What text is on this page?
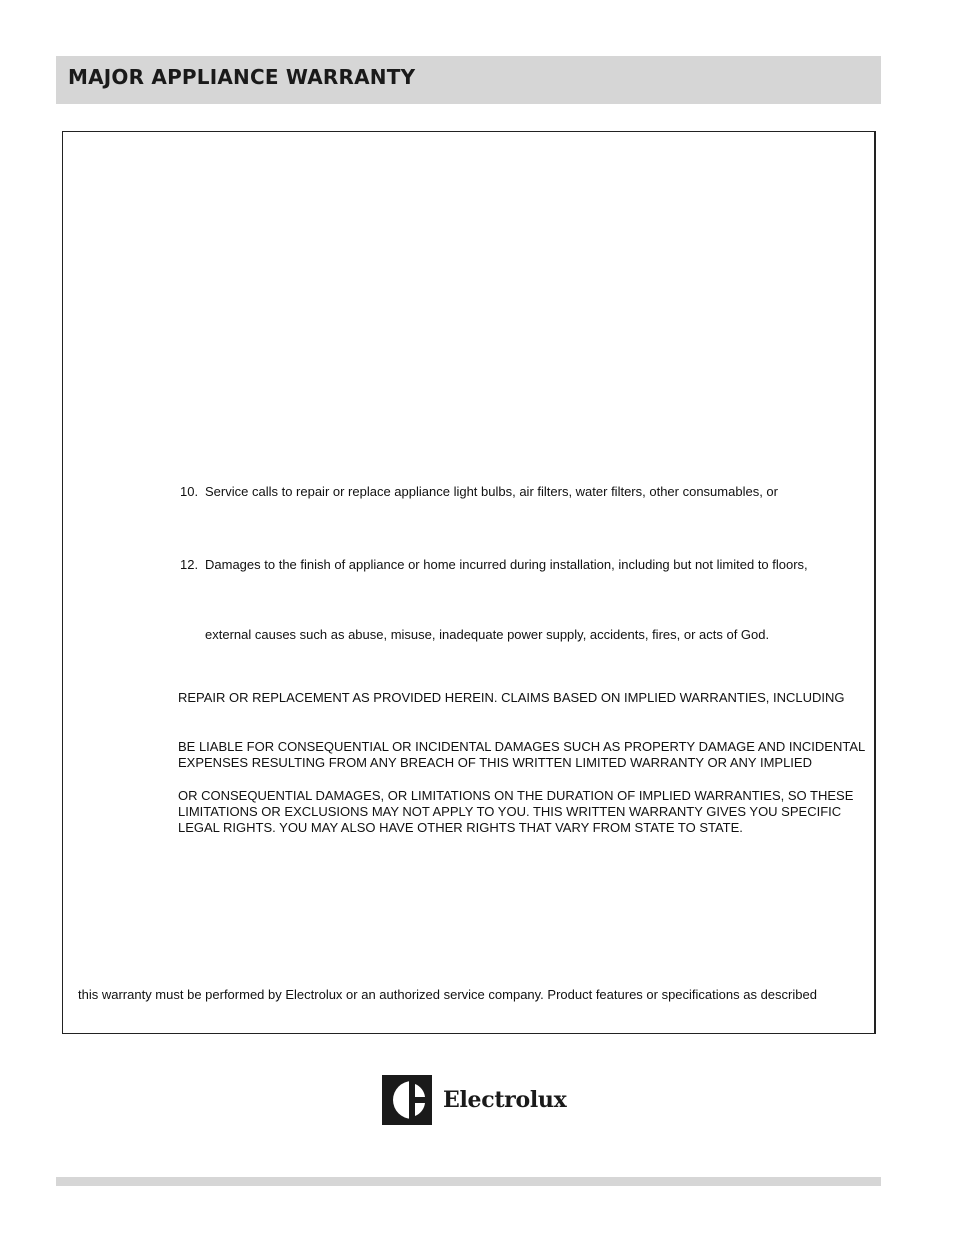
MAJOR APPLIANCE WARRANTY
10. Service calls to repair or replace appliance light bulbs, air filters, water filters, other consumables, or
12. Damages to the finish of appliance or home incurred during installation, including but not limited to floors,
external causes such as abuse, misuse, inadequate power supply, accidents, fires, or acts of God.
REPAIR OR REPLACEMENT AS PROVIDED HEREIN. CLAIMS BASED ON IMPLIED WARRANTIES, INCLUDING
BE LIABLE FOR CONSEQUENTIAL OR INCIDENTAL DAMAGES SUCH AS PROPERTY DAMAGE AND INCIDENTAL
EXPENSES RESULTING FROM ANY BREACH OF THIS WRITTEN LIMITED WARRANTY OR ANY IMPLIED
OR CONSEQUENTIAL DAMAGES, OR LIMITATIONS ON THE DURATION OF IMPLIED WARRANTIES, SO THESE
LIMITATIONS OR EXCLUSIONS MAY NOT APPLY TO YOU. THIS WRITTEN WARRANTY GIVES YOU SPECIFIC
LEGAL RIGHTS. YOU MAY ALSO HAVE OTHER RIGHTS THAT VARY FROM STATE TO STATE.
this warranty must be performed by Electrolux or an authorized service company. Product features or specifications as described
Electrolux
